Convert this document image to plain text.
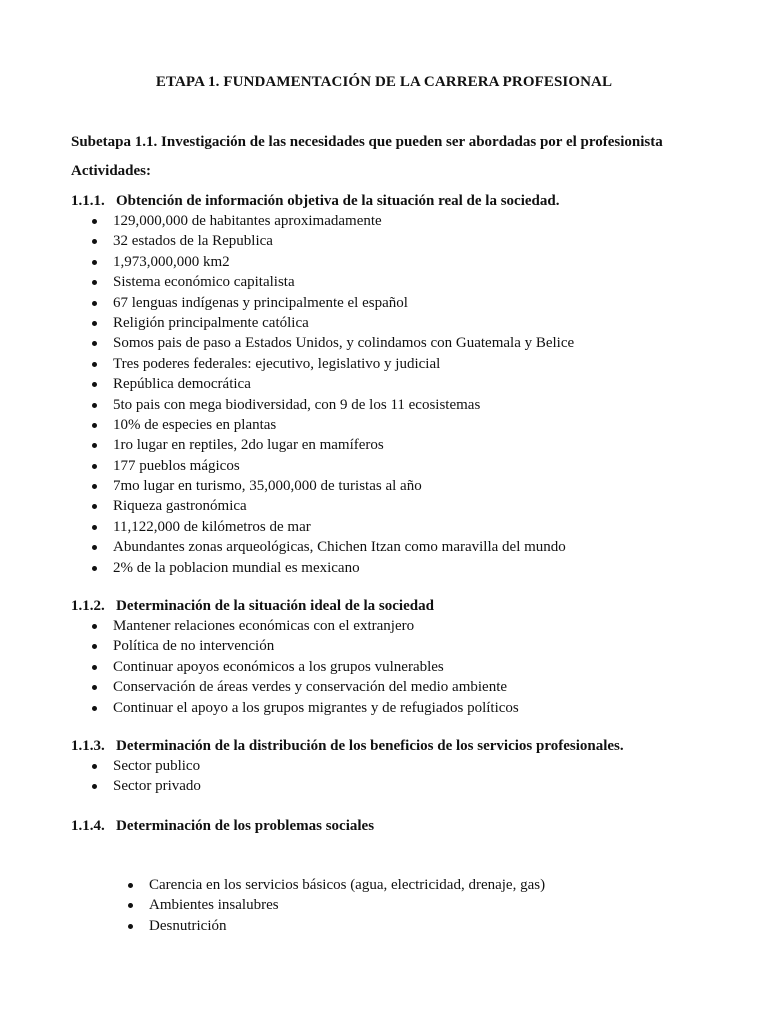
ETAPA 1. FUNDAMENTACIÓN DE LA CARRERA PROFESIONAL
Subetapa 1.1. Investigación de las necesidades que pueden ser abordadas por el profesionista
Actividades:
1.1.1. Obtención de información objetiva de la situación real de la sociedad.
129,000,000 de habitantes aproximadamente
32 estados de la Republica
1,973,000,000 km2
Sistema económico capitalista
67 lenguas indígenas y principalmente el español
Religión principalmente católica
Somos pais de paso a Estados Unidos, y colindamos con Guatemala y Belice
Tres poderes federales: ejecutivo, legislativo y judicial
República democrática
5to pais con mega biodiversidad, con 9 de los 11 ecosistemas
10% de especies en plantas
1ro lugar en reptiles, 2do lugar en mamíferos
177 pueblos mágicos
7mo lugar en turismo, 35,000,000 de turistas al año
Riqueza gastronómica
11,122,000 de kilómetros de mar
Abundantes zonas arqueológicas, Chichen Itzan como maravilla del mundo
2% de la poblacion mundial es mexicano
1.1.2. Determinación de la situación ideal de la sociedad
Mantener relaciones económicas con el extranjero
Política de no intervención
Continuar apoyos económicos a los grupos vulnerables
Conservación de áreas verdes y conservación del medio ambiente
Continuar el apoyo a los grupos migrantes y de refugiados políticos
1.1.3. Determinación de la distribución de los beneficios de los servicios profesionales.
Sector publico
Sector privado
1.1.4. Determinación de los problemas sociales
Carencia en los servicios básicos (agua, electricidad, drenaje, gas)
Ambientes insalubres
Desnutrición
